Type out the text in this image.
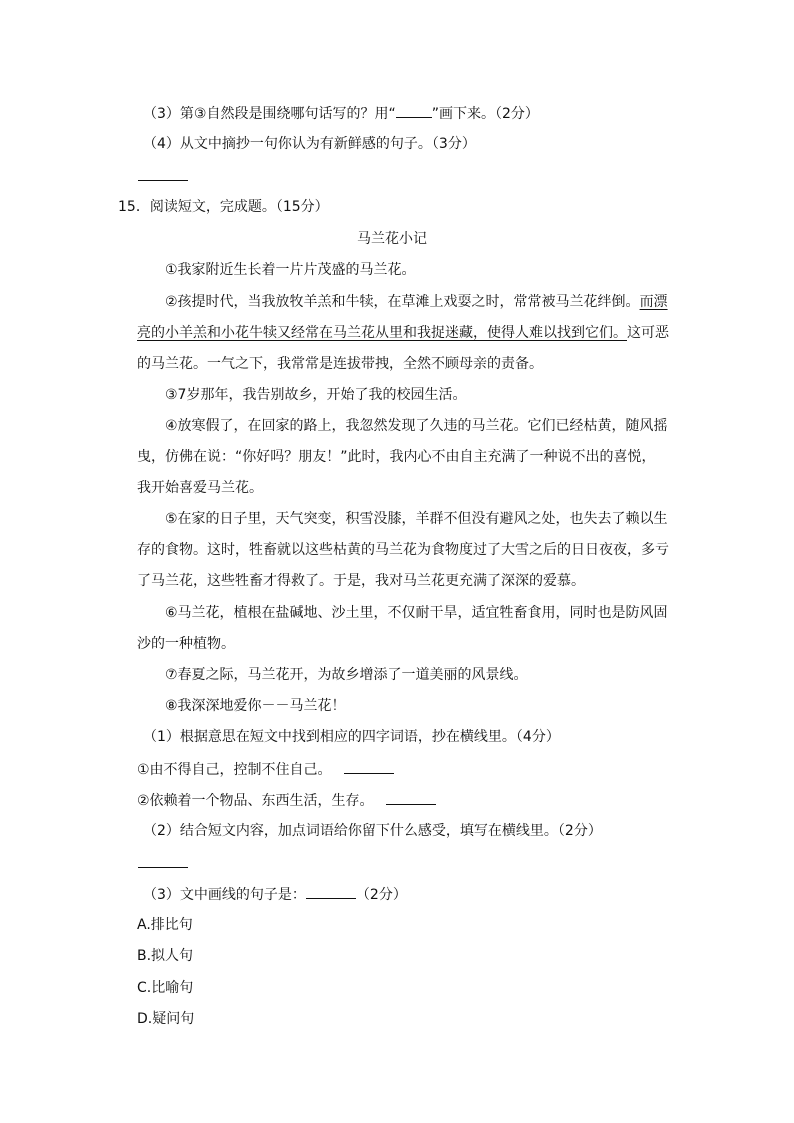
（3）第③自然段是围绕哪句话写的？用“	”画下来。（2分）
（4）从文中摘抄一句你认为有新鲜感的句子。（3分）
15．阅读短文，完成题。（15分）
马兰花小记
①我家附近生长着一片片茂盛的马兰花。
②孩提时代，当我放牧羊羔和牛犊，在草滩上戏耍之时，常常被马兰花绊倒。而漂
亮的小羊羔和小花牛犊又经常在马兰花从里和我捉迷藏，使得人难以找到它们。这可恶
的马兰花。一气之下，我常常是连拔带拽，全然不顾母亲的责备。
③7岁那年，我告别故乡，开始了我的校园生活。
④放寒假了，在回家的路上，我忽然发现了久违的马兰花。它们已经枯黄，随风摇
曳，仿佛在说：“你好吗？朋友！”此时，我内心不由自主充满了一种说不出的喜悦，
我开始喜爱马兰花。
⑤在家的日子里，天气突变，积雪没膝，羊群不但没有避风之处，也失去了赖以生
存的食物。这时，牲畜就以这些枯黄的马兰花为食物度过了大雪之后的日日夜夜，多亏
了马兰花，这些牲畜才得救了。于是，我对马兰花更充满了深深的爱慕。
⑥马兰花，植根在盐碱地、沙土里，不仅耐干旱，适宜牲畜食用，同时也是防风固
沙的一种植物。
⑦春夏之际，马兰花开，为故乡增添了一道美丽的风景线。
⑧我深深地爱你－－马兰花！
（1）根据意思在短文中找到相应的四字词语，抄在横线里。（4分）
①由不得自己，控制不住自己。
②依赖着一个物品、东西生活，生存。
（2）结合短文内容，加点词语给你留下什么感受，填写在横线里。（2分）
（3）文中画线的句子是：	（2分）
A.排比句
B.拟人句
C.比喻句
D.疑问句
